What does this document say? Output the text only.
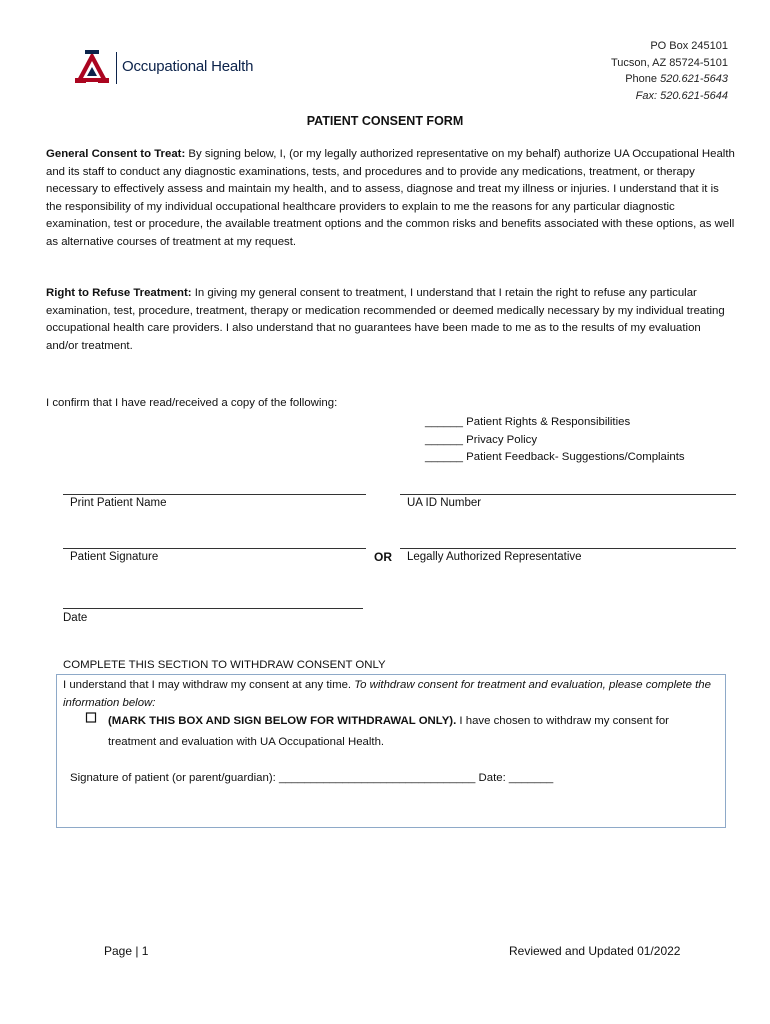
Occupational Health
PO Box 245101
Tucson, AZ 85724-5101
Phone 520.621-5643
Fax: 520.621-5644
PATIENT CONSENT FORM
General Consent to Treat: By signing below, I, (or my legally authorized representative on my behalf) authorize UA Occupational Health and its staff to conduct any diagnostic examinations, tests, and procedures and to provide any medications, treatment, or therapy necessary to effectively assess and maintain my health, and to assess, diagnose and treat my illness or injuries. I understand that it is the responsibility of my individual occupational healthcare providers to explain to me the reasons for any particular diagnostic examination, test or procedure, the available treatment options and the common risks and benefits associated with these options, as well as alternative courses of treatment at my request.
Right to Refuse Treatment: In giving my general consent to treatment, I understand that I retain the right to refuse any particular examination, test, procedure, treatment, therapy or medication recommended or deemed medically necessary by my individual treating occupational health care providers. I also understand that no guarantees have been made to me as to the results of my evaluation and/or treatment.
I confirm that I have read/received a copy of the following:
______ Patient Rights & Responsibilities
______ Privacy Policy
______ Patient Feedback- Suggestions/Complaints
Print Patient Name	UA ID Number
Patient Signature	OR Legally Authorized Representative
Date
COMPLETE THIS SECTION TO WITHDRAW CONSENT ONLY
I understand that I may withdraw my consent at any time. To withdraw consent for treatment and evaluation, please complete the information below:
(MARK THIS BOX AND SIGN BELOW FOR WITHDRAWAL ONLY). I have chosen to withdraw my consent for treatment and evaluation with UA Occupational Health.
Signature of patient (or parent/guardian): _______________________________ Date: _______
Page | 1	Reviewed and Updated 01/2022
